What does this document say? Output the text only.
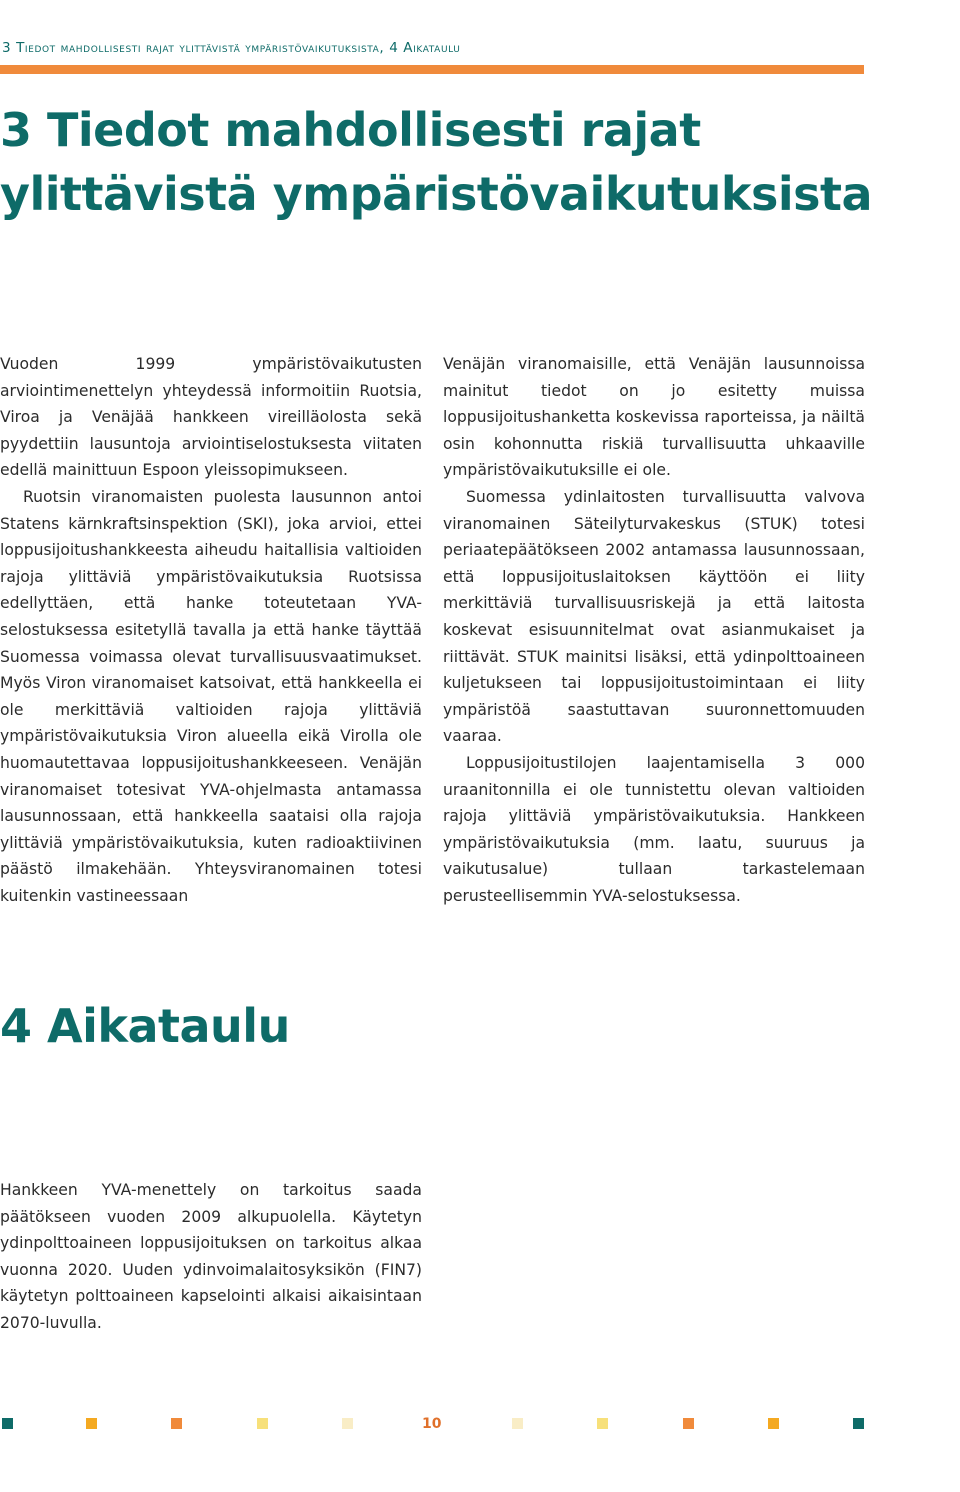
3 Tiedot mahdollisesti rajat ylittävistä ympäristövaikutuksista, 4 Aikataulu
3 Tiedot mahdollisesti rajat ylittävistä ympäristövaikutuksista

Vuoden 1999 ympäristövaikutusten arviointimenettelyn yhteydessä informoitiin Ruotsia, Viroa ja Venäjää hankkeen vireilläolosta sekä pyydettiin lausuntoja arviointiselostuksesta viitaten edellä mainittuun Espoon yleissopimukseen.

Ruotsin viranomaisten puolesta lausunnon antoi Statens kärnkraftsinspektion (SKI), joka arvioi, ettei loppusijoitushankkeesta aiheudu haitallisia valtioiden rajoja ylittäviä ympäristövaikutuksia Ruotsissa edellyttäen, että hanke toteutetaan YVA-selostuksessa esitetyllä tavalla ja että hanke täyttää Suomessa voimassa olevat turvallisuusvaatimukset. Myös Viron viranomaiset katsoivat, että hankkeella ei ole merkittäviä valtioiden rajoja ylittäviä ympäristövaikutuksia Viron alueella eikä Virolla ole huomautettavaa loppusijoitushankkeeseen. Venäjän viranomaiset totesivat YVA-ohjelmasta antamassa lausunnossaan, että hankkeella saataisi olla rajoja ylittäviä ympäristövaikutuksia, kuten radioaktiivinen päästö ilmakehään. Yhteysviranomainen totesi kuitenkin vastineessaan

Venäjän viranomaisille, että Venäjän lausunnoissa mainitut tiedot on jo esitetty muissa loppusijoitushanketta koskevissa raporteissa, ja näiltä osin kohonnutta riskiä turvallisuutta uhkaaville ympäristövaikutuksille ei ole.

Suomessa ydinlaitosten turvallisuutta valvova viranomainen Säteilyturvakeskus (STUK) totesi periaatepäätökseen 2002 antamassa lausunnossaan, että loppusijoituslaitoksen käyttöön ei liity merkittäviä turvallisuusriskejä ja että laitosta koskevat esisuunnitelmat ovat asianmukaiset ja riittävät. STUK mainitsi lisäksi, että ydinpolttoaineen kuljetukseen tai loppusijoitustoimintaan ei liity ympäristöä saastuttavan suuronnettomuuden vaaraa.

Loppusijoitustilojen laajentamisella 3 000 uraanitonnilla ei ole tunnistettu olevan valtioiden rajoja ylittäviä ympäristövaikutuksia. Hankkeen ympäristövaikutuksia (mm. laatu, suuruus ja vaikutusalue) tullaan tarkastelemaan perusteellisemmin YVA-selostuksessa.

4 Aikataulu

Hankkeen YVA-menettely on tarkoitus saada päätökseen vuoden 2009 alkupuolella. Käytetyn ydinpolttoaineen loppusijoituksen on tarkoitus alkaa vuonna 2020. Uuden ydinvoimalaitosyksikön (FIN7) käytetyn polttoaineen kapselointi alkaisi aikaisintaan 2070-luvulla.

10
